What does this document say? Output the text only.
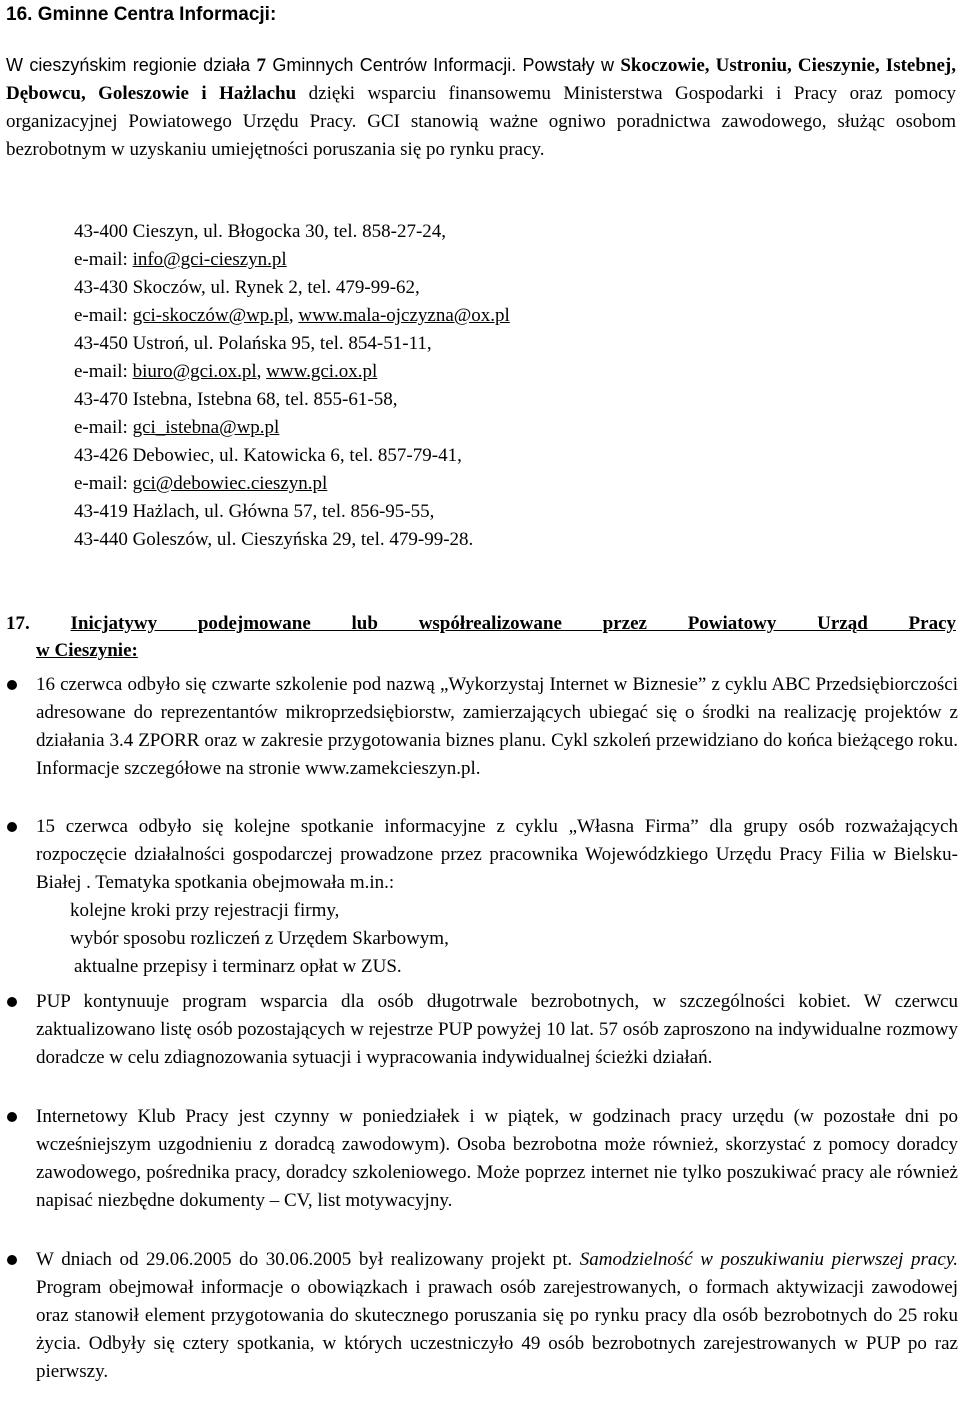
16. Gminne Centra Informacji:

W cieszyńskim regionie działa 7 Gminnych Centrów Informacji. Powstały w Skoczowie, Ustroniu, Cieszynie, Istebnej, Dębowcu, Goleszowie i Hażlachu dzięki wsparciu finansowemu Ministerstwa Gospodarki i Pracy oraz pomocy organizacyjnej Powiatowego Urzędu Pracy. GCI stanowią ważne ogniwo poradnictwa zawodowego, służąc osobom bezrobotnym w uzyskaniu umiejętności poruszania się po rynku pracy.

43-400 Cieszyn, ul. Błogocka 30, tel. 858-27-24,
e-mail: info@gci-cieszyn.pl
43-430 Skoczów, ul. Rynek 2, tel. 479-99-62,
e-mail: gci-skoczów@wp.pl, www.mala-ojczyzna@ox.pl
43-450 Ustroń, ul. Polańska 95, tel. 854-51-11,
e-mail: biuro@gci.ox.pl, www.gci.ox.pl
43-470 Istebna, Istebna 68, tel. 855-61-58,
e-mail: gci_istebna@wp.pl
43-426 Debowiec, ul. Katowicka 6, tel. 857-79-41,
e-mail: gci@debowiec.cieszyn.pl
43-419 Hażlach, ul. Główna 57, tel. 856-95-55,
43-440 Goleszów, ul. Cieszyńska 29, tel. 479-99-28.

17. Inicjatywy podejmowane lub współrealizowane przez Powiatowy Urząd Pracy

w Cieszynie:

16 czerwca odbyło się czwarte szkolenie pod nazwą „Wykorzystaj Internet w Biznesie” z cyklu ABC Przedsiębiorczości adresowane do reprezentantów mikroprzedsiębiorstw, zamierzających ubiegać się o środki na realizację projektów z działania 3.4 ZPORR oraz w zakresie przygotowania biznes planu. Cykl szkoleń przewidziano do końca bieżącego roku. Informacje szczegółowe na stronie www.zamekcieszyn.pl.

15 czerwca odbyło się kolejne spotkanie informacyjne z cyklu „Własna Firma” dla grupy osób rozważających rozpoczęcie działalności gospodarczej prowadzone przez pracownika Wojewódzkiego Urzędu Pracy Filia w Bielsku-Białej . Tematyka spotkania obejmowała m.in.:

kolejne kroki przy rejestracji firmy,
wybór sposobu rozliczeń z Urzędem Skarbowym,
aktualne przepisy i terminarz opłat w ZUS.

PUP kontynuuje program wsparcia dla osób długotrwale bezrobotnych, w szczególności kobiet. W czerwcu zaktualizowano listę osób pozostających w rejestrze PUP powyżej 10 lat. 57 osób zaproszono na indywidualne rozmowy doradcze w celu zdiagnozowania sytuacji i wypracowania indywidualnej ścieżki działań.

Internetowy Klub Pracy jest czynny w poniedziałek i w piątek, w godzinach pracy urzędu (w pozostałe dni po wcześniejszym uzgodnieniu z doradcą zawodowym). Osoba bezrobotna może również, skorzystać z pomocy doradcy zawodowego, pośrednika pracy, doradcy szkoleniowego. Może poprzez internet nie tylko poszukiwać pracy ale również napisać niezbędne dokumenty – CV, list motywacyjny.

W dniach od 29.06.2005 do 30.06.2005 był realizowany projekt pt. Samodzielność w poszukiwaniu pierwszej pracy. Program obejmował informacje o obowiązkach i prawach osób zarejestrowanych, o formach aktywizacji zawodowej oraz stanowił element przygotowania do skutecznego poruszania się po rynku pracy dla osób bezrobotnych do 25 roku życia. Odbyły się cztery spotkania, w których uczestniczyło 49 osób bezrobotnych zarejestrowanych w PUP po raz pierwszy.
